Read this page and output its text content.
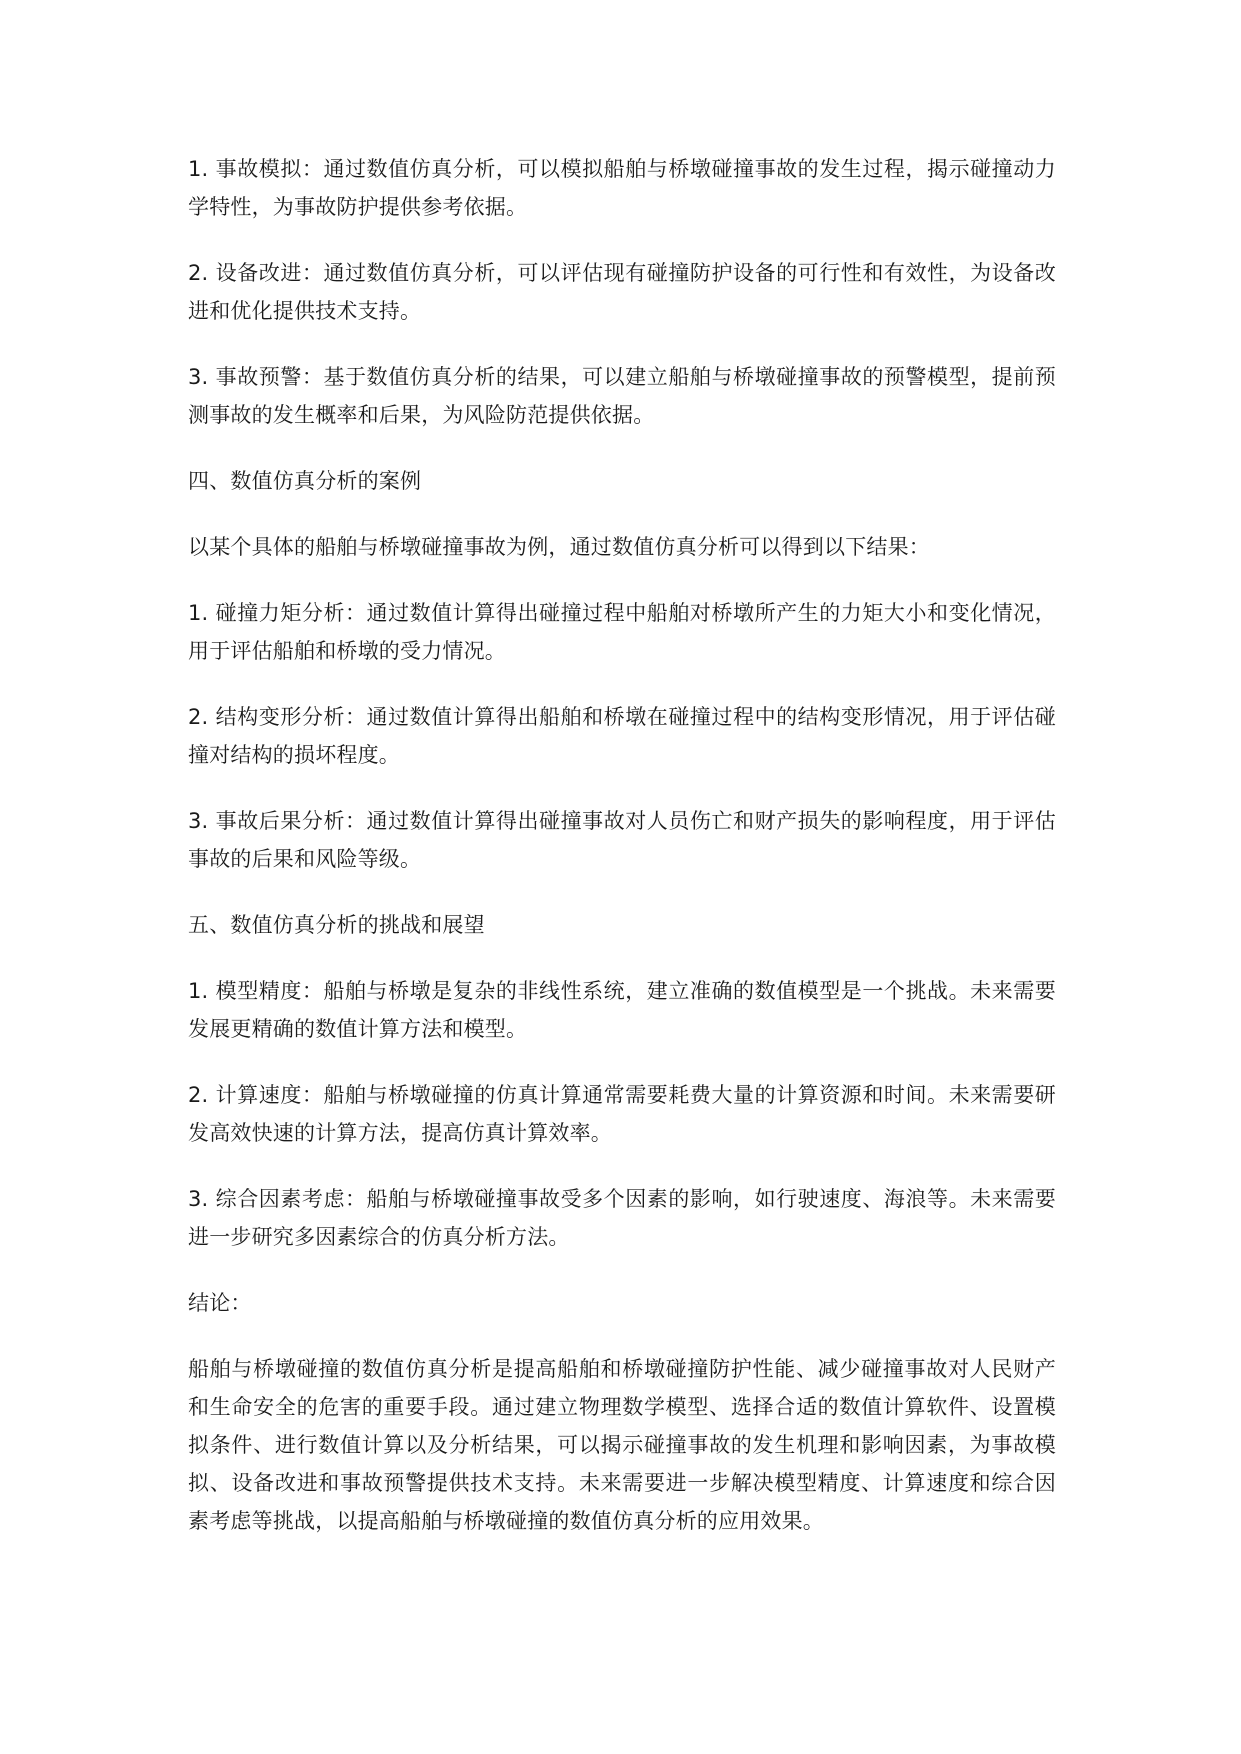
1. 事故模拟：通过数值仿真分析，可以模拟船舶与桥墩碰撞事故的发生过程，揭示碰撞动力学特性，为事故防护提供参考依据。

2. 设备改进：通过数值仿真分析，可以评估现有碰撞防护设备的可行性和有效性，为设备改进和优化提供技术支持。

3. 事故预警：基于数值仿真分析的结果，可以建立船舶与桥墩碰撞事故的预警模型，提前预测事故的发生概率和后果，为风险防范提供依据。

四、数值仿真分析的案例

以某个具体的船舶与桥墩碰撞事故为例，通过数值仿真分析可以得到以下结果：

1. 碰撞力矩分析：通过数值计算得出碰撞过程中船舶对桥墩所产生的力矩大小和变化情况，用于评估船舶和桥墩的受力情况。

2. 结构变形分析：通过数值计算得出船舶和桥墩在碰撞过程中的结构变形情况，用于评估碰撞对结构的损坏程度。

3. 事故后果分析：通过数值计算得出碰撞事故对人员伤亡和财产损失的影响程度，用于评估事故的后果和风险等级。

五、数值仿真分析的挑战和展望

1. 模型精度：船舶与桥墩是复杂的非线性系统，建立准确的数值模型是一个挑战。未来需要发展更精确的数值计算方法和模型。

2. 计算速度：船舶与桥墩碰撞的仿真计算通常需要耗费大量的计算资源和时间。未来需要研发高效快速的计算方法，提高仿真计算效率。

3. 综合因素考虑：船舶与桥墩碰撞事故受多个因素的影响，如行驶速度、海浪等。未来需要进一步研究多因素综合的仿真分析方法。

结论：

船舶与桥墩碰撞的数值仿真分析是提高船舶和桥墩碰撞防护性能、减少碰撞事故对人民财产和生命安全的危害的重要手段。通过建立物理数学模型、选择合适的数值计算软件、设置模拟条件、进行数值计算以及分析结果，可以揭示碰撞事故的发生机理和影响因素，为事故模拟、设备改进和事故预警提供技术支持。未来需要进一步解决模型精度、计算速度和综合因素考虑等挑战，以提高船舶与桥墩碰撞的数值仿真分析的应用效果。
